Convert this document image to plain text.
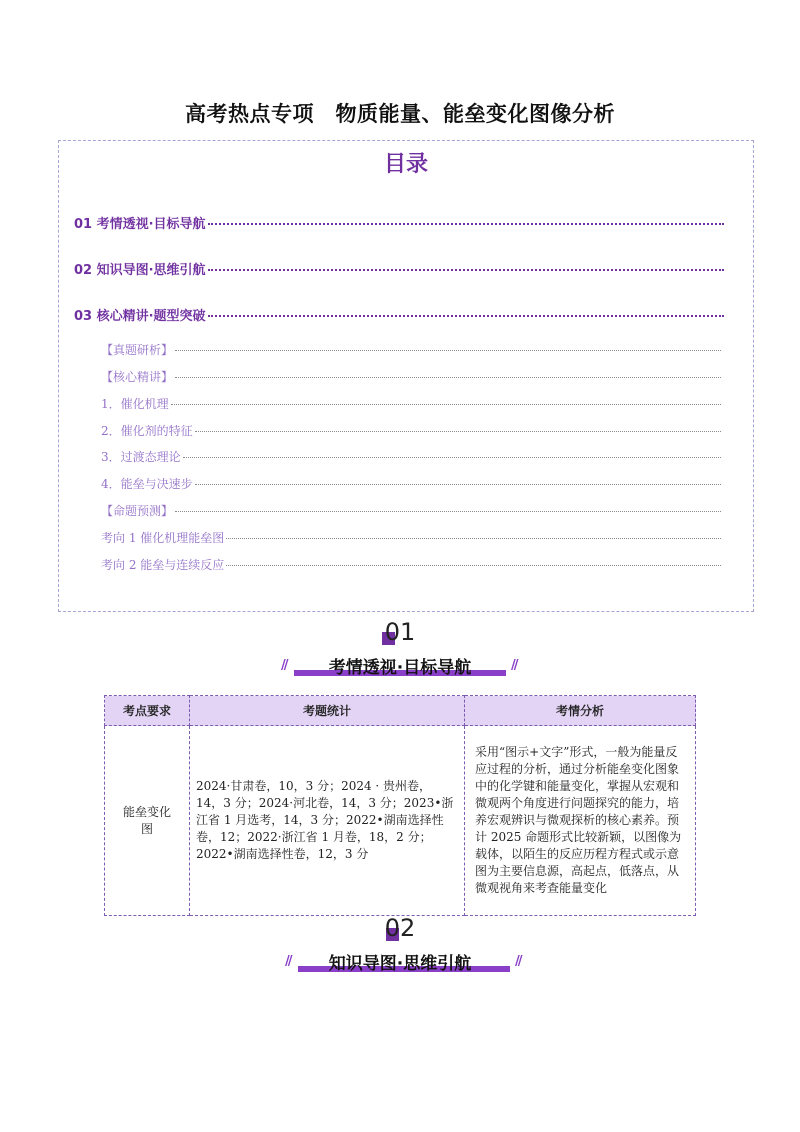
高考热点专项　物质能量、能垒变化图像分析
目录
01 考情透视·目标导航
02 知识导图·思维引航
03 核心精讲·题型突破
【真题研析】
【核心精讲】
1．催化机理
2．催化剂的特征
3．过渡态理论
4．能垒与决速步
【命题预测】
考向 1 催化机理能垒图
考向 2 能垒与连续反应
01
//	//
考情透视·目标导航
考点要求	考题统计	考情分析

能垒变化图	2024·甘肃卷，10，3 分；2024 · 贵州卷，14，3 分；2024·河北卷，14，3 分；2023•浙江省 1 月选考，14，3 分；2022•湖南选择性卷，12；2022·浙江省 1 月卷，18，2 分；2022•湖南选择性卷，12，3 分	采用“图示+文字”形式，一般为能量反应过程的分析，通过分析能垒变化图象中的化学键和能量变化，掌握从宏观和微观两个角度进行问题探究的能力，培养宏观辨识与微观探析的核心素养。预计 2025 命题形式比较新颖，以图像为载体，以陌生的反应历程方程式或示意图为主要信息源，高起点，低落点，从微观视角来考查能量变化
02
//	//
知识导图·思维引航
